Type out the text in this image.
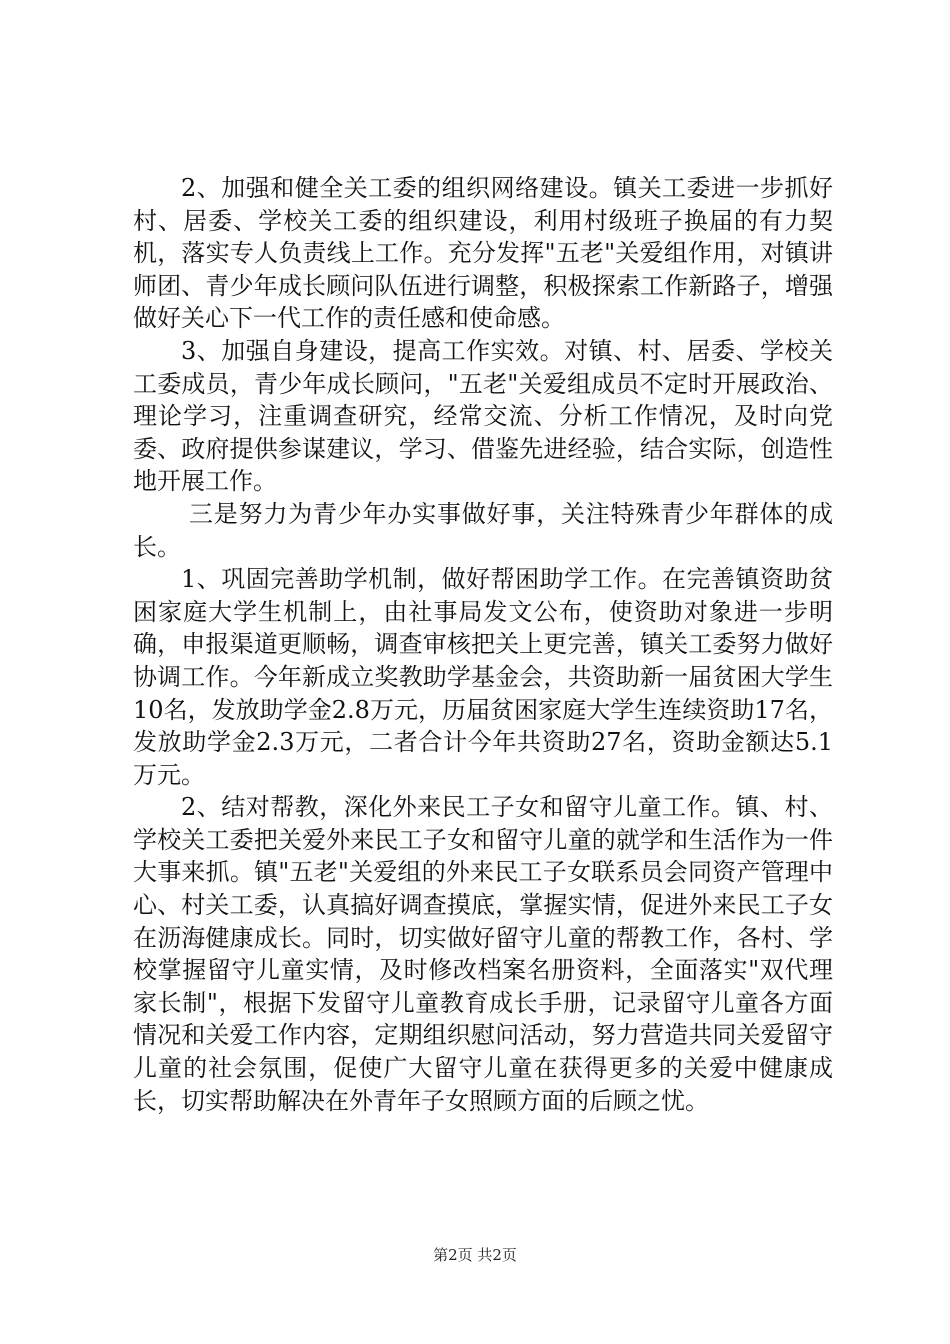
2、加强和健全关工委的组织网络建设。镇关工委进一步抓好村、居委、学校关工委的组织建设，利用村级班子换届的有力契机，落实专人负责线上工作。充分发挥"五老"关爱组作用，对镇讲师团、青少年成长顾问队伍进行调整，积极探索工作新路子，增强做好关心下一代工作的责任感和使命感。

3、加强自身建设，提高工作实效。对镇、村、居委、学校关工委成员，青少年成长顾问，"五老"关爱组成员不定时开展政治、理论学习，注重调查研究，经常交流、分析工作情况，及时向党委、政府提供参谋建议，学习、借鉴先进经验，结合实际，创造性地开展工作。

三是努力为青少年办实事做好事，关注特殊青少年群体的成长。

1、巩固完善助学机制，做好帮困助学工作。在完善镇资助贫困家庭大学生机制上，由社事局发文公布，使资助对象进一步明确，申报渠道更顺畅，调查审核把关上更完善，镇关工委努力做好协调工作。今年新成立奖教助学基金会，共资助新一届贫困大学生10名，发放助学金2.8万元，历届贫困家庭大学生连续资助17名，发放助学金2.3万元，二者合计今年共资助27名，资助金额达5.1万元。

2、结对帮教，深化外来民工子女和留守儿童工作。镇、村、学校关工委把关爱外来民工子女和留守儿童的就学和生活作为一件大事来抓。镇"五老"关爱组的外来民工子女联系员会同资产管理中心、村关工委，认真搞好调查摸底，掌握实情，促进外来民工子女在沥海健康成长。同时，切实做好留守儿童的帮教工作，各村、学校掌握留守儿童实情，及时修改档案名册资料，全面落实"双代理家长制"，根据下发留守儿童教育成长手册，记录留守儿童各方面情况和关爱工作内容，定期组织慰问活动，努力营造共同关爱留守儿童的社会氛围，促使广大留守儿童在获得更多的关爱中健康成长，切实帮助解决在外青年子女照顾方面的后顾之忧。

第2页 共2页
